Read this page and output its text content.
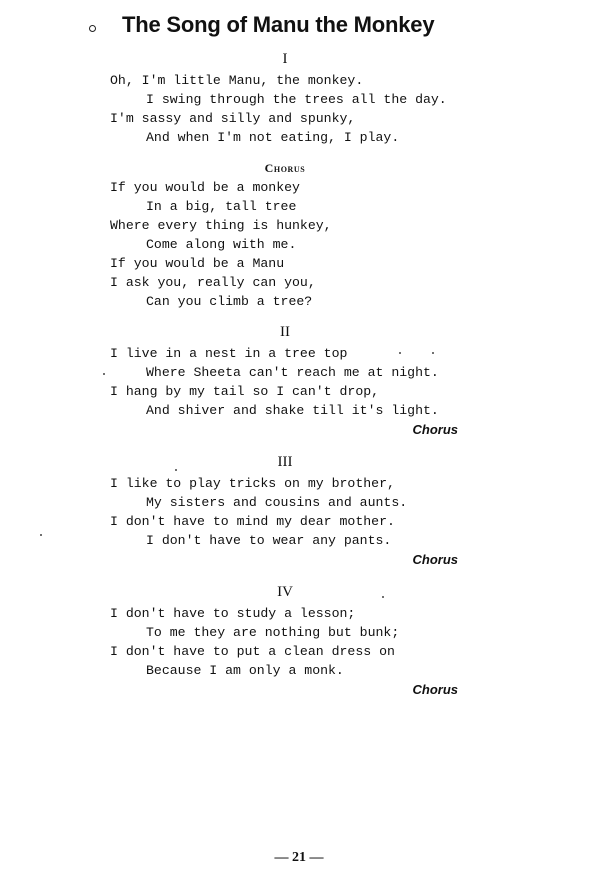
The Song of Manu the Monkey
I
Oh, I'm little Manu, the monkey.
I swing through the trees all the day.
I'm sassy and silly and spunky,
And when I'm not eating, I play.
Chorus
If you would be a monkey
In a big, tall tree
Where every thing is hunkey,
Come along with me.
If you would be a Manu
I ask you, really can you,
Can you climb a tree?
II
I live in a nest in a tree top
Where Sheeta can't reach me at night.
I hang by my tail so I can't drop,
And shiver and shake till it's light.
Chorus
III
I like to play tricks on my brother,
My sisters and cousins and aunts.
I don't have to mind my dear mother.
I don't have to wear any pants.
Chorus
IV
I don't have to study a lesson;
To me they are nothing but bunk;
I don't have to put a clean dress on
Because I am only a monk.
Chorus
— 21 —
